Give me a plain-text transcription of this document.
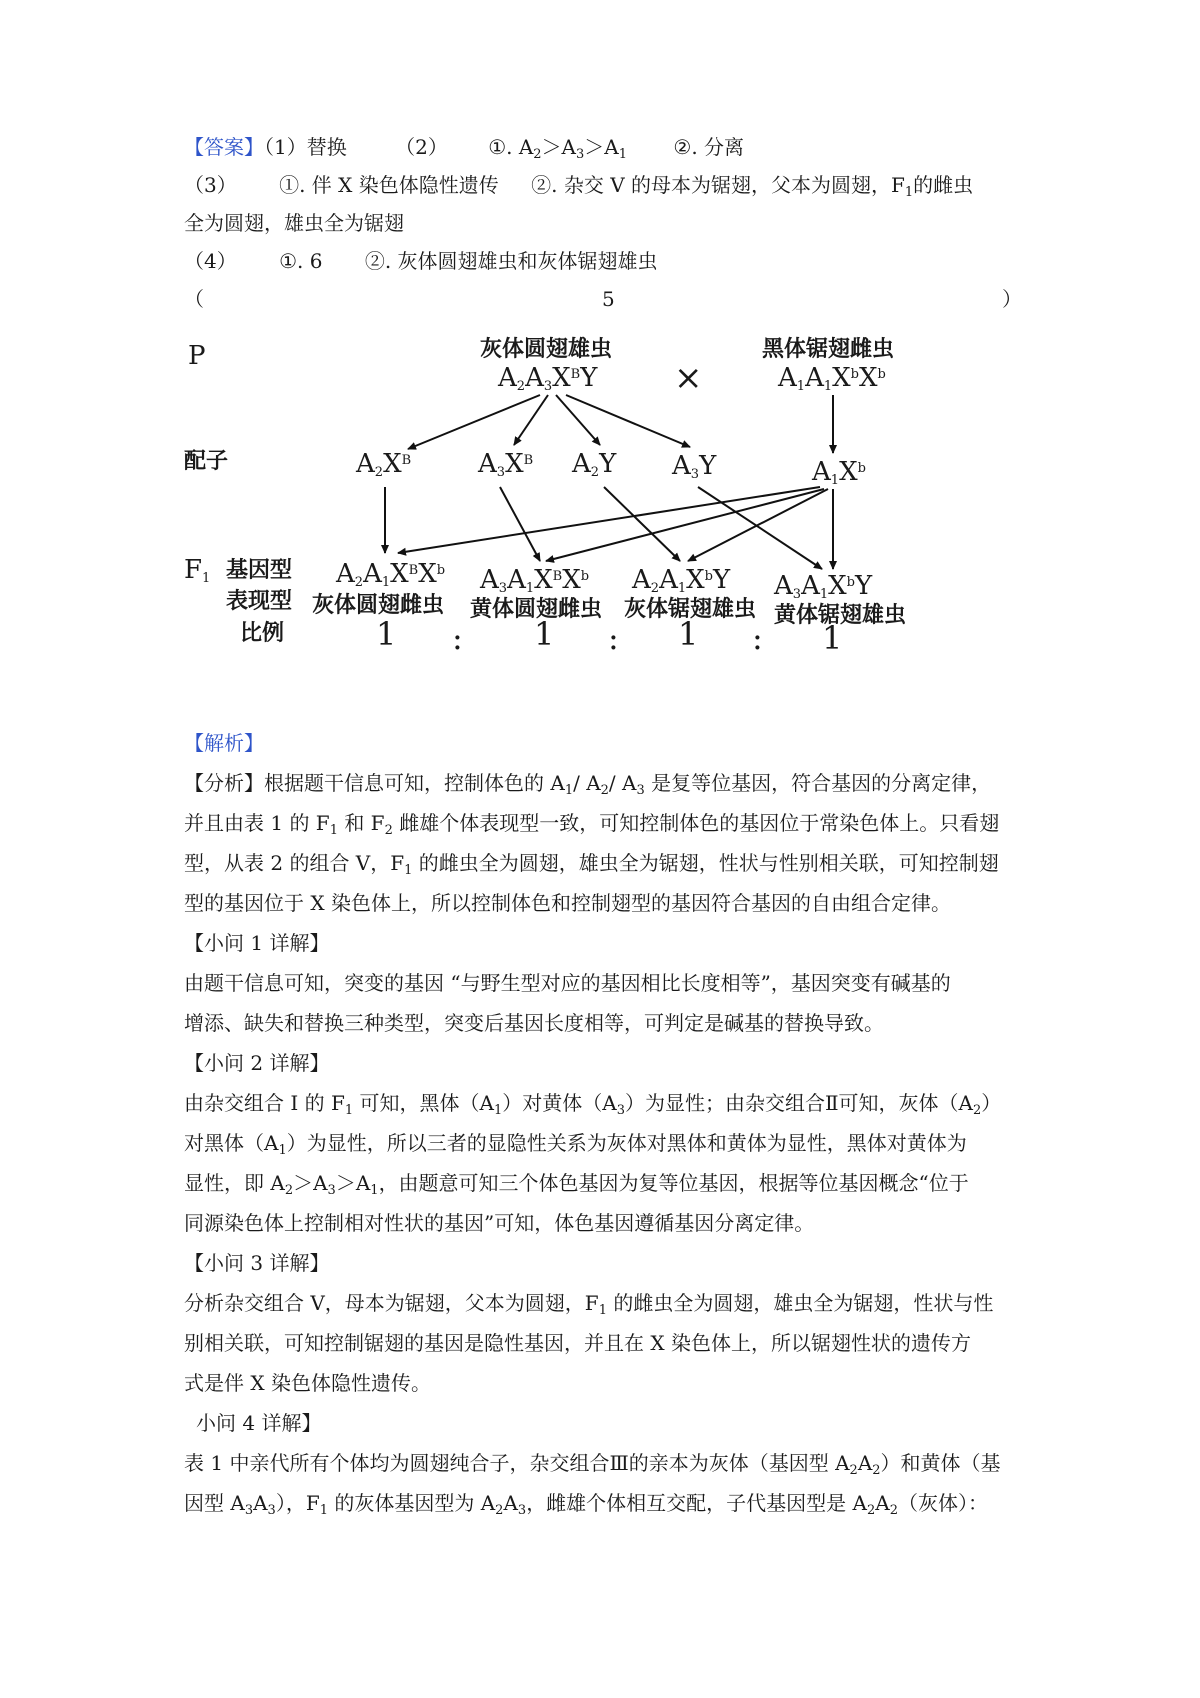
【答案】（1）替换 （2） ①. $A_2>A_3>A_1$ ②. 分离
（3） ①. 伴 X 染色体隐性遗传 ②. 杂交 V 的母本为锯翅，父本为圆翅，$F_1$的雌虫
全为圆翅，雄虫全为锯翅
（4） ①. 6 ②. 灰体圆翅雄虫和灰体锯翅雄虫
（	5	）
P	灰体圆翅雄虫
$A_2A_3X^BY$ ×
黑体锯翅雌虫
$A_1A_1X^bX^b$
配子	$A_2X^B$	$A_3X^B$ $A_2Y$ $A_3Y$	$A_1X^b$
$F_1$ 基因型
表现型
比例
$A_2A_1X^BX^b$ $A_3A_1X^BX^b$ $A_2A_1X^bY$ $A_3A_1X^bY$
灰体圆翅雌虫 黄体圆翅雌虫 灰体锯翅雄虫 黄体锯翅雄虫
1 : 1 : 1 : 1
【解析】
【分析】根据题干信息可知，控制体色的 $A_1/$ $A_2/$ $A_3$ 是复等位基因，符合基因的分离定律，
并且由表 1 的 $F_1$ 和 $F_2$ 雌雄个体表现型一致，可知控制体色的基因位于常染色体上。只看翅
型，从表 2 的组合 V，$F_1$ 的雌虫全为圆翅，雄虫全为锯翅，性状与性别相关联，可知控制翅
型的基因位于 X 染色体上，所以控制体色和控制翅型的基因符合基因的自由组合定律。
【小问 1 详解】
由题干信息可知，突变的基因 “与野生型对应的基因相比长度相等”，基因突变有碱基的
增添、缺失和替换三种类型，突变后基因长度相等，可判定是碱基的替换导致。
【小问 2 详解】
由杂交组合 I 的 $F_1$ 可知，黑体$(A_1)$对黄体$(A_3)$为显性；由杂交组合Ⅱ可知，灰体$(A_2)$
对黑体$(A_1)$为显性，所以三者的显隐性关系为灰体对黑体和黄体为显性，黑体对黄体为
显性，即 $A_2>A_3>A_1$，由题意可知三个体色基因为复等位基因，根据等位基因概念“位于
同源染色体上控制相对性状的基因”可知，体色基因遵循基因分离定律。
【小问 3 详解】
分析杂交组合 V，母本为锯翅，父本为圆翅，$F_1$ 的雌虫全为圆翅，雄虫全为锯翅，性状与性
别相关联，可知控制锯翅的基因是隐性基因，并且在 X 染色体上，所以锯翅性状的遗传方
式是伴 X 染色体隐性遗传。
小问 4 详解】
表 1 中亲代所有个体均为圆翅纯合子，杂交组合Ⅲ的亲本为灰体（基因型 $A_2A_2$）和黄体（基
因型 $A_3A_3$），$F_1$ 的灰体基因型为 $A_2A_3$，雌雄个体相互交配，子代基因型是 $A_2A_2$（灰体）：
